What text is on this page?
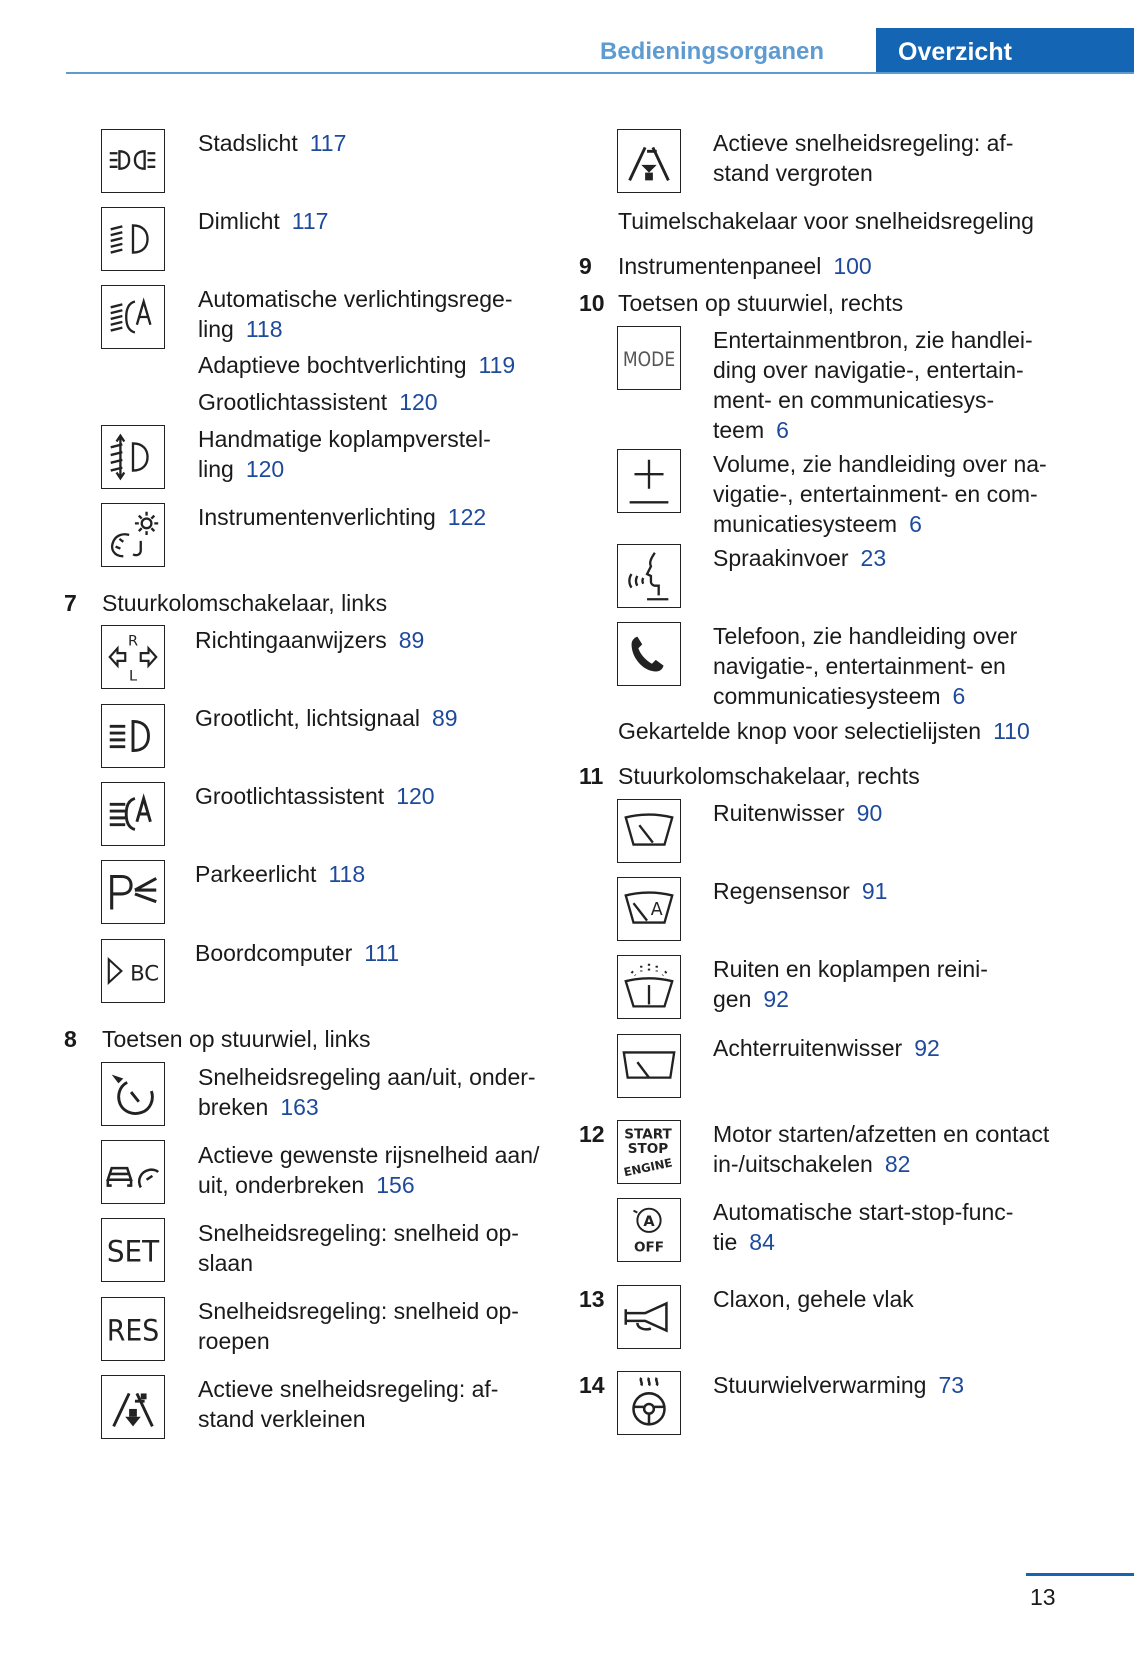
Bedieningsorganen	Overzicht
Stadslicht 117
Dimlicht 117
Automatische verlichtingsrege-
ling 118
Adaptieve bochtverlichting 119
Grootlichtassistent 120
Handmatige koplampverstel-
ling 120
Instrumentenverlichting 122
7 Stuurkolomschakelaar, links
R
L
Richtingaanwijzers 89
Grootlicht, lichtsignaal 89
Grootlichtassistent 120
Parkeerlicht 118
BC
Boordcomputer 111
8 Toetsen op stuurwiel, links
Snelheidsregeling aan/uit, onder-
breken 163
Actieve gewenste rijsnelheid aan/
uit, onderbreken 156
SET
Snelheidsregeling: snelheid op-
slaan
RES
Snelheidsregeling: snelheid op-
roepen
Actieve snelheidsregeling: af-
stand verkleinen
Actieve snelheidsregeling: af-
stand vergroten
Tuimelschakelaar voor snelheidsregeling
9 Instrumentenpaneel 100
10 Toetsen op stuurwiel, rechts
MODE
Entertainmentbron, zie handlei-
ding over navigatie-, entertain-
ment- en communicatiesys-
teem 6
Volume, zie handleiding over na-
vigatie-, entertainment- en com-
municatiesysteem 6
Spraakinvoer 23
Telefoon, zie handleiding over
navigatie-, entertainment- en
communicatiesysteem 6
Gekartelde knop voor selectielijsten 110
11 Stuurkolomschakelaar, rechts
Ruitenwisser 90
A
Regensensor 91
Ruiten en koplampen reini-
gen 92
Achterruitenwisser 92
12 START
STOP
ENGINE
Motor starten/afzetten en contact
in-/uitschakelen 82
A
OFF
Automatische start-stop-func-
tie 84
13	Claxon, gehele vlak
14	Stuurwielverwarming 73
13
